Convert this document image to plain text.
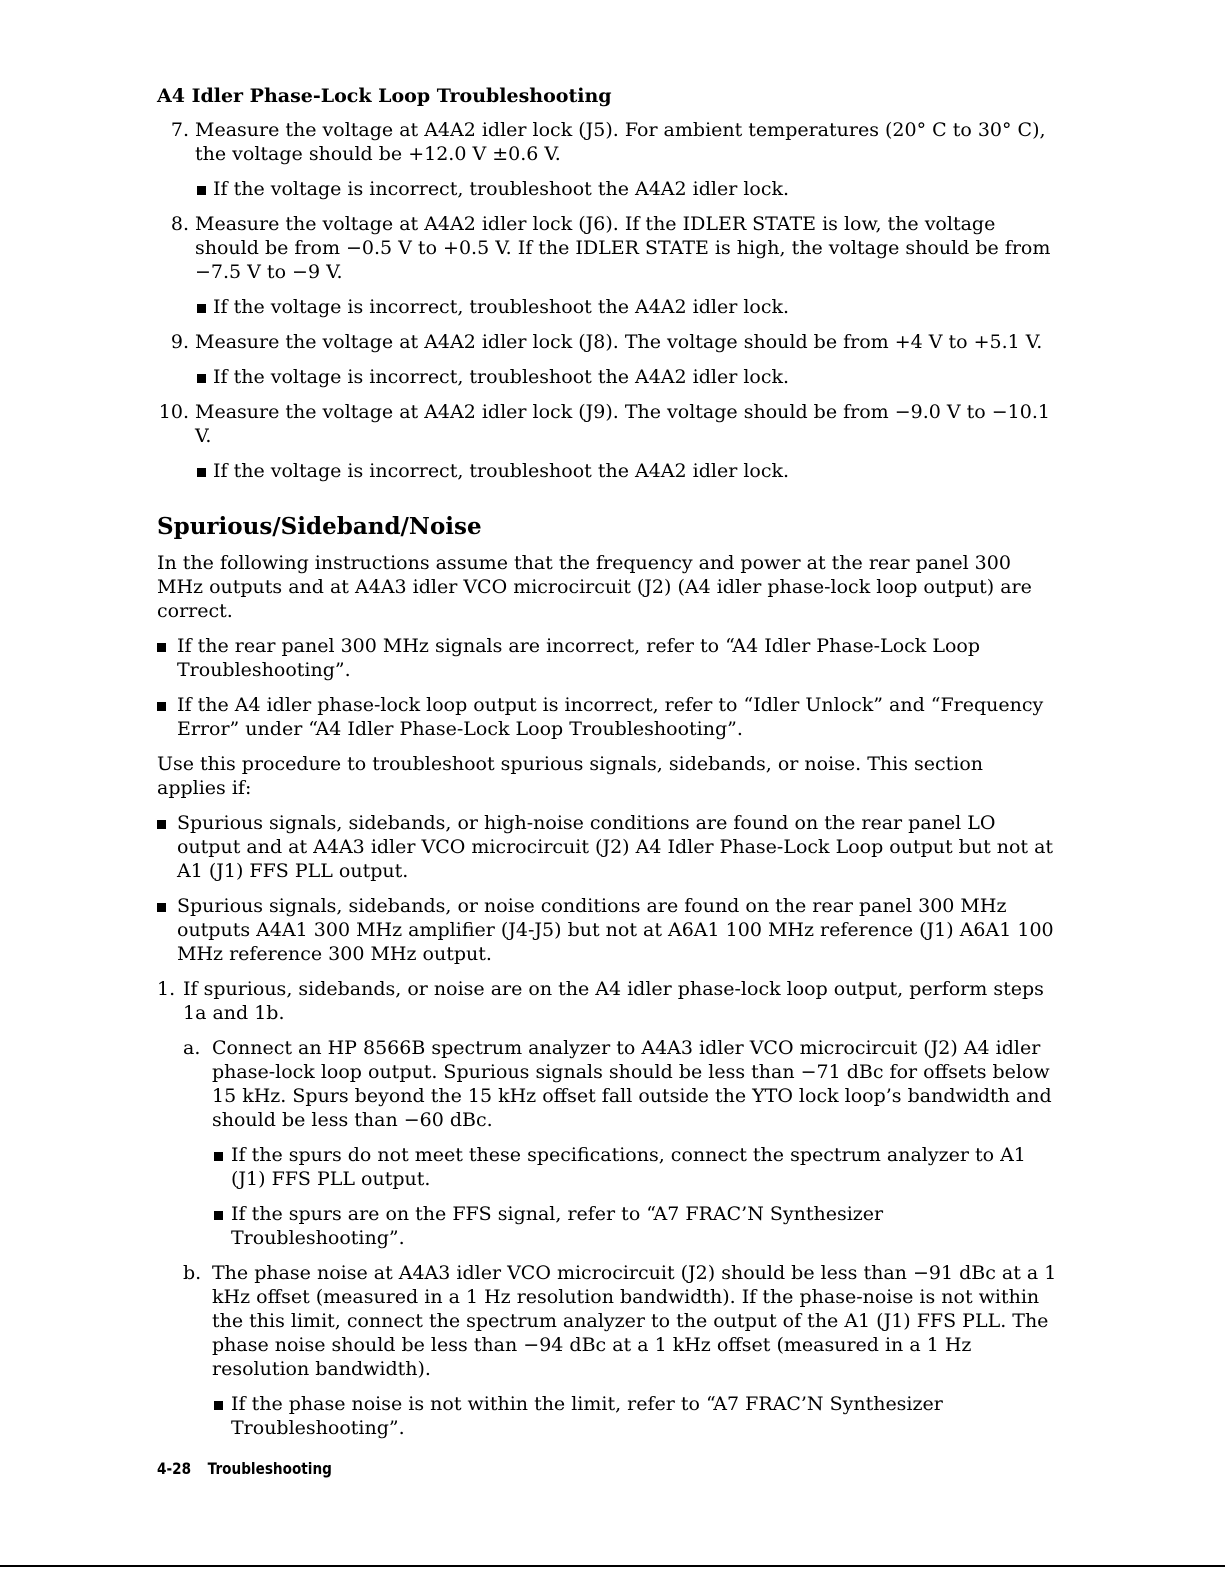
A4 Idler Phase-Lock Loop Troubleshooting
7. Measure the voltage at A4A2 idler lock (J5). For ambient temperatures (20° C to 30° C), the voltage should be +12.0 V ±0.6 V.
If the voltage is incorrect, troubleshoot the A4A2 idler lock.
8. Measure the voltage at A4A2 idler lock (J6). If the IDLER STATE is low, the voltage should be from −0.5 V to +0.5 V. If the IDLER STATE is high, the voltage should be from −7.5 V to −9 V.
If the voltage is incorrect, troubleshoot the A4A2 idler lock.
9. Measure the voltage at A4A2 idler lock (J8). The voltage should be from +4 V to +5.1 V.
If the voltage is incorrect, troubleshoot the A4A2 idler lock.
10. Measure the voltage at A4A2 idler lock (J9). The voltage should be from −9.0 V to −10.1 V.
If the voltage is incorrect, troubleshoot the A4A2 idler lock.
Spurious/Sideband/Noise
In the following instructions assume that the frequency and power at the rear panel 300 MHz outputs and at A4A3 idler VCO microcircuit (J2) (A4 idler phase-lock loop output) are correct.
If the rear panel 300 MHz signals are incorrect, refer to “A4 Idler Phase-Lock Loop Troubleshooting”.
If the A4 idler phase-lock loop output is incorrect, refer to “Idler Unlock” and “Frequency Error” under “A4 Idler Phase-Lock Loop Troubleshooting”.
Use this procedure to troubleshoot spurious signals, sidebands, or noise. This section applies if:
Spurious signals, sidebands, or high-noise conditions are found on the rear panel LO output and at A4A3 idler VCO microcircuit (J2) A4 Idler Phase-Lock Loop output but not at A1 (J1) FFS PLL output.
Spurious signals, sidebands, or noise conditions are found on the rear panel 300 MHz outputs A4A1 300 MHz amplifier (J4-J5) but not at A6A1 100 MHz reference (J1) A6A1 100 MHz reference 300 MHz output.
1. If spurious, sidebands, or noise are on the A4 idler phase-lock loop output, perform steps 1a and 1b.
a. Connect an HP 8566B spectrum analyzer to A4A3 idler VCO microcircuit (J2) A4 idler phase-lock loop output. Spurious signals should be less than −71 dBc for offsets below 15 kHz. Spurs beyond the 15 kHz offset fall outside the YTO lock loop’s bandwidth and should be less than −60 dBc.
If the spurs do not meet these specifications, connect the spectrum analyzer to A1 (J1) FFS PLL output.
If the spurs are on the FFS signal, refer to “A7 FRAC’N Synthesizer Troubleshooting”.
b. The phase noise at A4A3 idler VCO microcircuit (J2) should be less than −91 dBc at a 1 kHz offset (measured in a 1 Hz resolution bandwidth). If the phase-noise is not within the this limit, connect the spectrum analyzer to the output of the A1 (J1) FFS PLL. The phase noise should be less than −94 dBc at a 1 kHz offset (measured in a 1 Hz resolution bandwidth).
If the phase noise is not within the limit, refer to “A7 FRAC’N Synthesizer Troubleshooting”.
4-28 Troubleshooting
